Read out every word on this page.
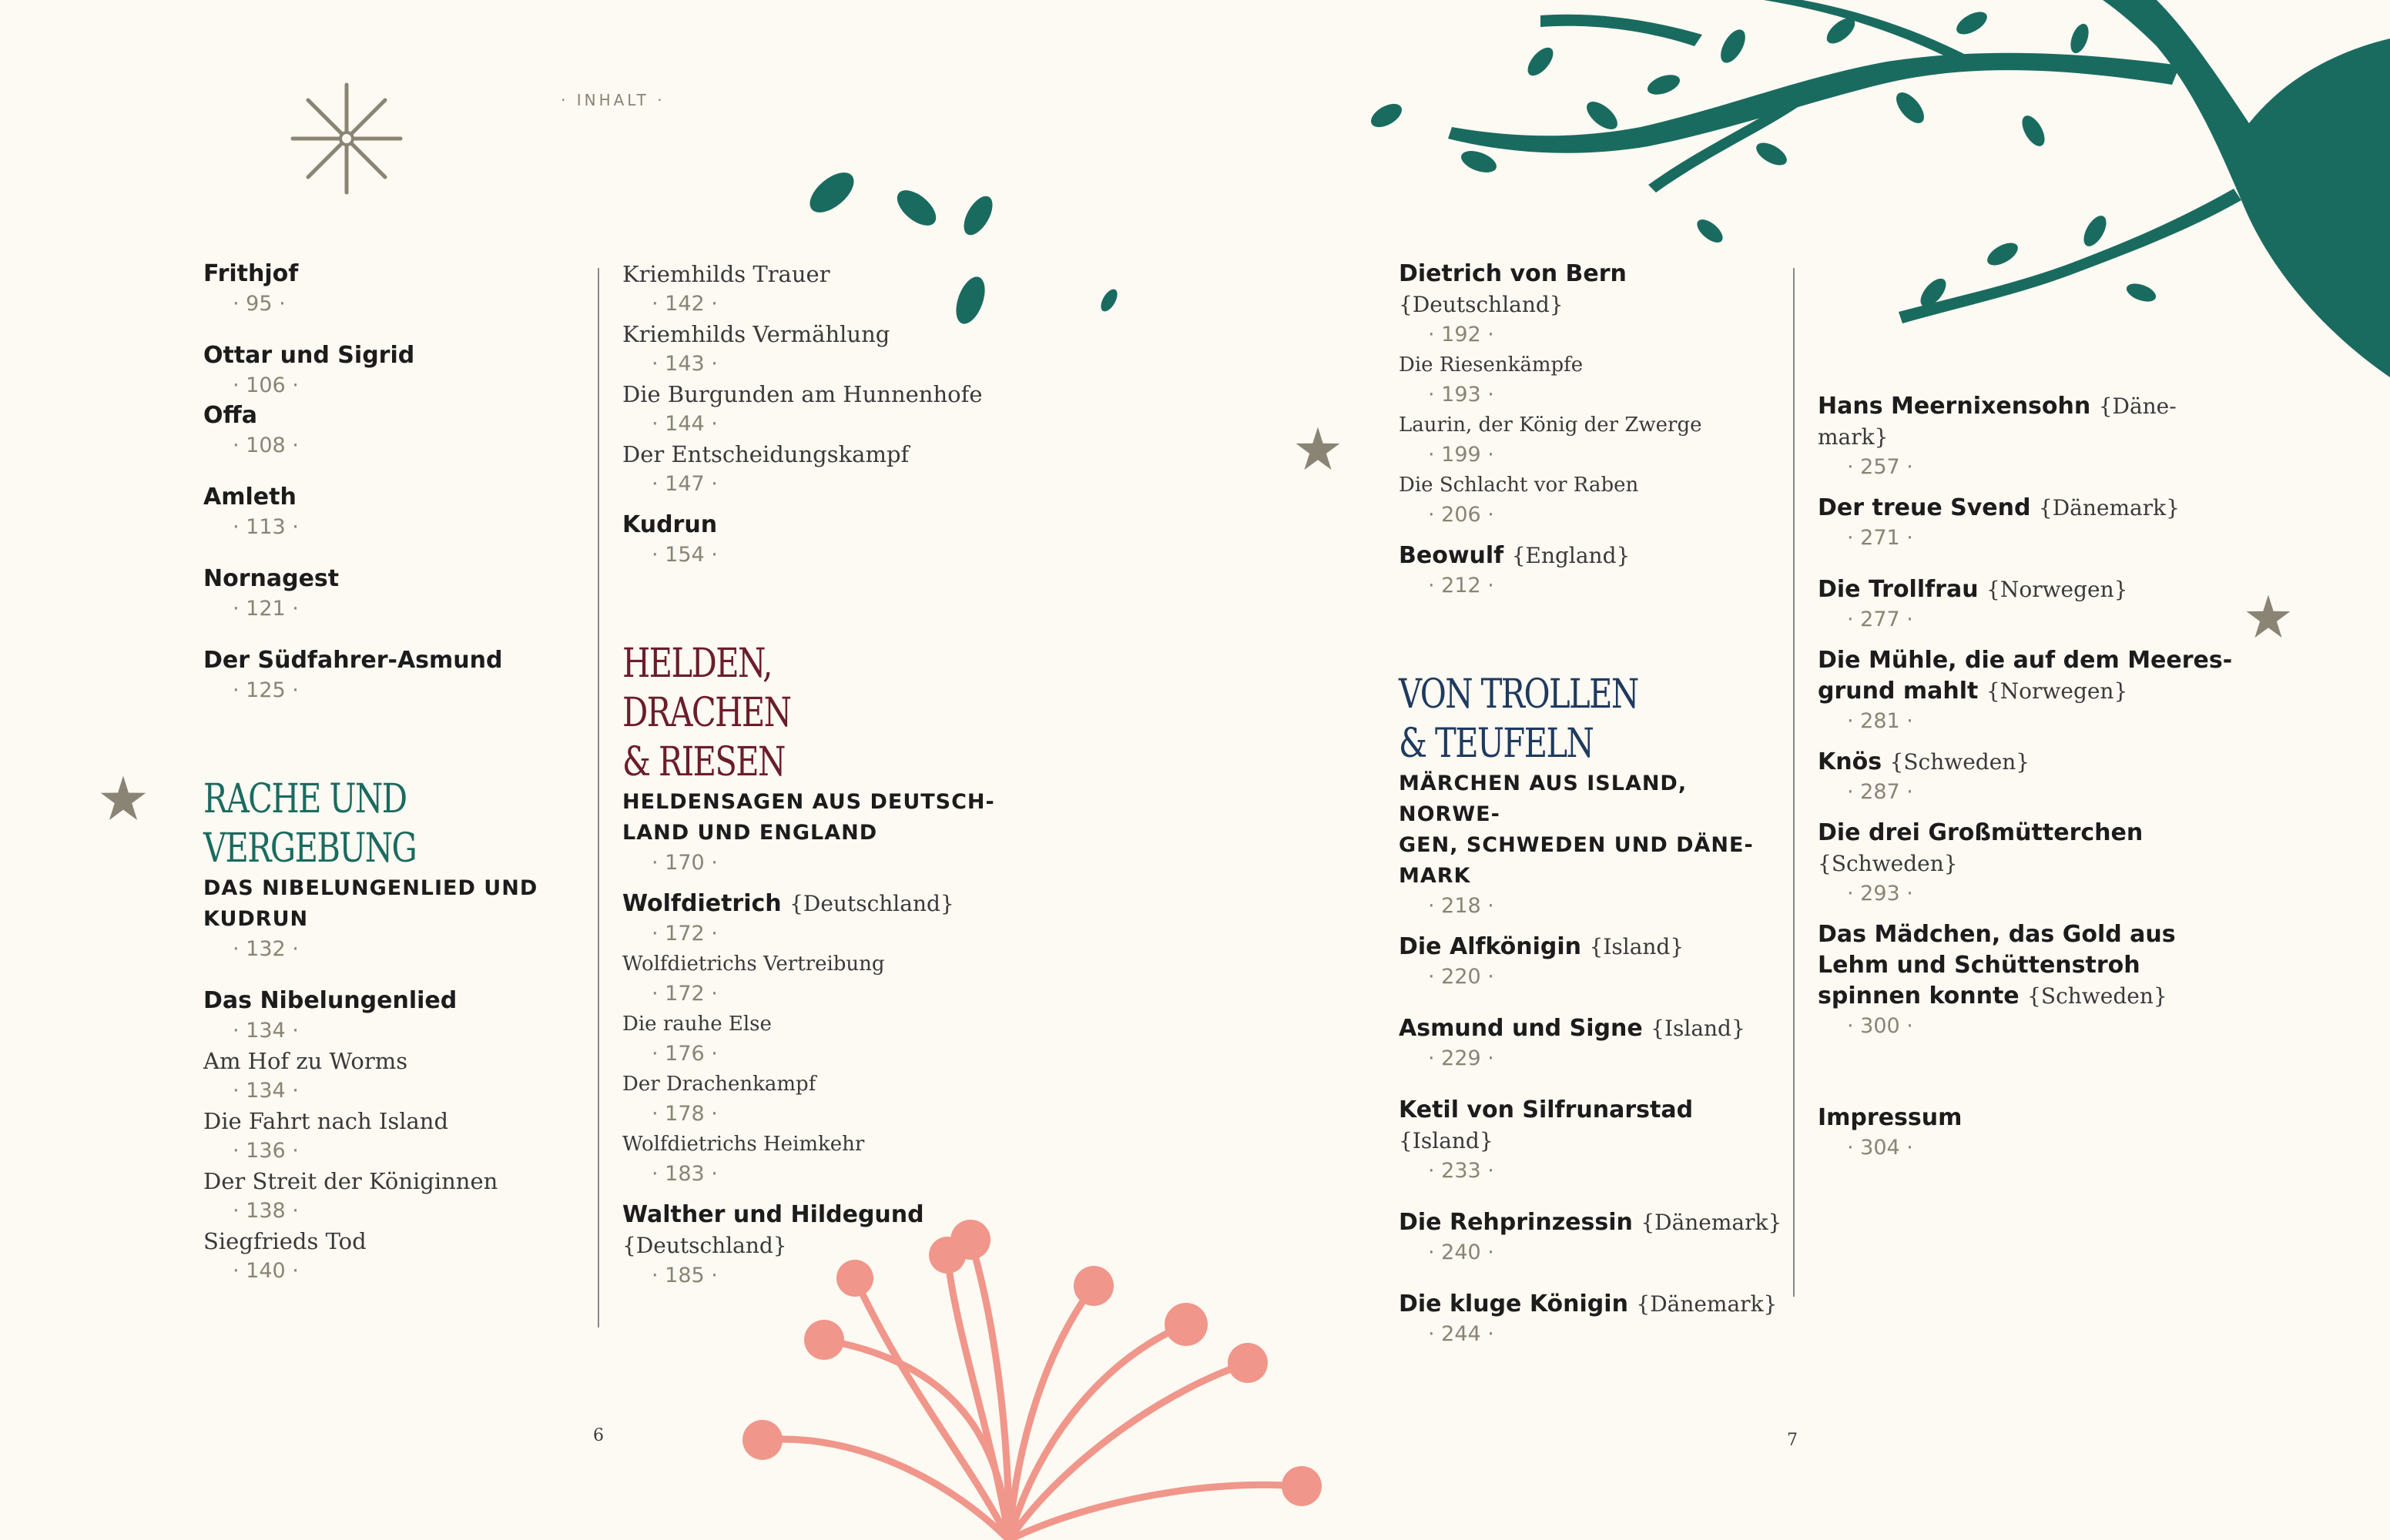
· INHALT ·
Frithjof
· 95 ·
Ottar und Sigrid
· 106 ·
Offa
· 108 ·
Amleth
· 113 ·
Nornagest
· 121 ·
Der Südfahrer-Asmund
· 125 ·
RACHE UND
VERGEBUNG
DAS NIBELUNGENLIED UND
KUDRUN
· 132 ·
Das Nibelungenlied
· 134 ·
Am Hof zu Worms
· 134 ·
Die Fahrt nach Island
· 136 ·
Der Streit der Königinnen
· 138 ·
Siegfrieds Tod
· 140 ·
Kriemhilds Trauer
· 142 ·
Kriemhilds Vermählung
· 143 ·
Die Burgunden am Hunnenhofe
· 144 ·
Der Entscheidungskampf
· 147 ·
Kudrun
· 154 ·
HELDEN, DRACHEN
& RIESEN
HELDENSAGEN AUS DEUTSCH-
LAND UND ENGLAND
· 170 ·
Wolfdietrich {Deutschland}
· 172 ·
Wolfdietrichs Vertreibung
· 172 ·
Die rauhe Else
· 176 ·
Der Drachenkampf
· 178 ·
Wolfdietrichs Heimkehr
· 183 ·
Walther und Hildegund
{Deutschland}
· 185 ·
Dietrich von Bern {Deutschland}
· 192 ·
Die Riesenkämpfe
· 193 ·
Laurin, der König der Zwerge
· 199 ·
Die Schlacht vor Raben
· 206 ·
Beowulf {England}
· 212 ·
VON TROLLEN
& TEUFELN
MÄRCHEN AUS ISLAND, NORWE-
GEN, SCHWEDEN UND DÄNE-
MARK
· 218 ·
Die Alfkönigin {Island}
· 220 ·
Asmund und Signe {Island}
· 229 ·
Ketil von Silfrunarstad {Island}
· 233 ·
Die Rehprinzessin {Dänemark}
· 240 ·
Die kluge Königin {Dänemark}
· 244 ·
Hans Meernixensohn {Däne-
mark}
· 257 ·
Der treue Svend {Dänemark}
· 271 ·
Die Trollfrau {Norwegen}
· 277 ·
Die Mühle, die auf dem Meeres-
grund mahlt {Norwegen}
· 281 ·
Knös {Schweden}
· 287 ·
Die drei Großmütterchen
{Schweden}
· 293 ·
Das Mädchen, das Gold aus
Lehm und Schüttenstroh
spinnen konnte {Schweden}
· 300 ·
Impressum
· 304 ·
6	7
